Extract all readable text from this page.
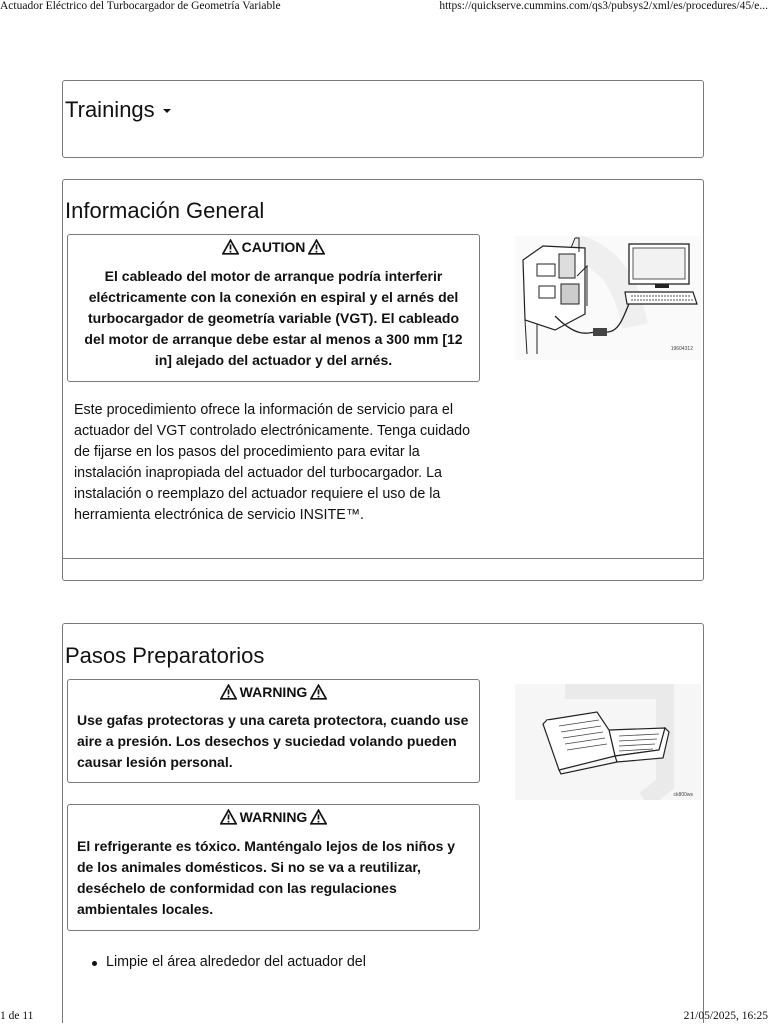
Actuador Eléctrico del Turbocargador de Geometría Variable	https://quickserve.cummins.com/qs3/pubsys2/xml/es/procedures/45/e...
Trainings
Información General
CAUTION
El cableado del motor de arranque podría interferir eléctricamente con la conexión en espiral y el arnés del turbocargador de geometría variable (VGT). El cableado del motor de arranque debe estar al menos a 300 mm [12 in] alejado del actuador y del arnés.
19604312
Este procedimiento ofrece la información de servicio para el actuador del VGT controlado electrónicamente. Tenga cuidado de fijarse en los pasos del procedimiento para evitar la instalación inapropiada del actuador del turbocargador. La instalación o reemplazo del actuador requiere el uso de la herramienta electrónica de servicio INSITE™.
Pasos Preparatorios
WARNING
Use gafas protectoras y una careta protectora, cuando use aire a presión. Los desechos y suciedad volando pueden causar lesión personal.
ck800ws
WARNING
El refrigerante es tóxico. Manténgalo lejos de los niños y de los animales domésticos. Si no se va a reutilizar, deséchelo de conformidad con las regulaciones ambientales locales.
Limpie el área alrededor del actuador del
1 de 11	21/05/2025, 16:25
